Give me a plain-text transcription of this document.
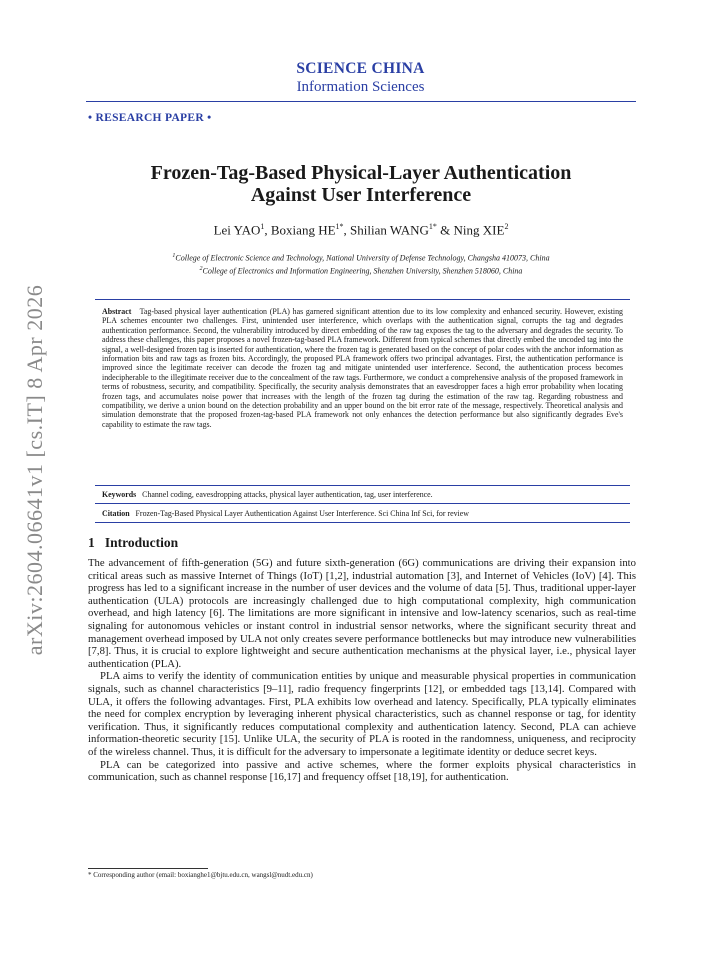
arXiv:2604.06641v1 [cs.IT] 8 Apr 2026
SCIENCE CHINA
Information Sciences
• RESEARCH PAPER •
Frozen-Tag-Based Physical-Layer Authentication
Against User Interference
Lei YAO$^1$, Boxiang $HE^{1*}$, Shilian $WANG^{1*}$ & Ning XIE$^2$
$^1$College of Electronic Science and Technology, National University of Defense Technology, Changsha 410073, China
$^2$College of Electronics and Information Engineering, Shenzhen University, Shenzhen 518060, China
Abstract Tag-based physical layer authentication (PLA) has garnered significant attention due to its low complexity and enhanced security. However, existing PLA schemes encounter two challenges. First, unintended user interference, which overlaps with the authentication signal, corrupts the tag and degrades authentication performance. Second, the vulnerability introduced by direct embedding of the raw tag exposes the tag to the adversary and degrades the security. To address these challenges, this paper proposes a novel frozen-tag-based PLA framework. Different from typical schemes that directly embed the uncoded tag into the signal, a well-designed frozen tag is inserted for authentication, where the frozen tag is generated based on the concept of polar codes with the anchor information as information bits and raw tags as frozen bits. Accordingly, the proposed PLA framework offers two principal advantages. First, the authentication performance is improved since the legitimate receiver can decode the frozen tag and mitigate unintended user interference. Second, the authentication process becomes indecipherable to the illegitimate receiver due to the concealment of the raw tags. Furthermore, we conduct a comprehensive analysis of the proposed framework in terms of robustness, security, and compatibility. Specifically, the security analysis demonstrates that an eavesdropper faces a high error probability when locating frozen tags, and accumulates noise power that increases with the length of the frozen tag during the estimation of the raw tag. Regarding robustness and compatibility, we derive a union bound on the detection probability and an upper bound on the bit error rate of the message, respectively. Theoretical analysis and simulation demonstrate that the proposed frozen-tag-based PLA framework not only enhances the detection performance but also significantly degrades Eve's capability to estimate the raw tags.
Keywords Channel coding, eavesdropping attacks, physical layer authentication, tag, user interference.
Citation Frozen-Tag-Based Physical Layer Authentication Against User Interference. Sci China Inf Sci, for review
1 Introduction

The advancement of fifth-generation (5G) and future sixth-generation (6G) communications are driving their expansion into critical areas such as massive Internet of Things (IoT) [1,2], industrial automation [3], and Internet of Vehicles (IoV) [4]. This progress has led to a significant increase in the number of user devices and the volume of data [5]. Thus, traditional upper-layer authentication (ULA) protocols are increasingly challenged due to high computational complexity, high communication overhead, and high latency [6]. The limitations are more significant in intensive and low-latency scenarios, such as real-time signaling for autonomous vehicles or instant control in industrial sensor networks, where the significant security threat and management overhead imposed by ULA not only creates severe performance bottlenecks but may introduce new vulnerabilities [7,8]. Thus, it is crucial to explore lightweight and secure authentication mechanisms at the physical layer, i.e., physical layer authentication (PLA).

PLA aims to verify the identity of communication entities by unique and measurable physical properties in communication signals, such as channel characteristics [9–11], radio frequency fingerprints [12], or embedded tags [13,14]. Compared with ULA, it offers the following advantages. First, PLA exhibits low overhead and latency. Specifically, PLA typically eliminates the need for complex encryption by leveraging inherent physical characteristics, such as channel response or tag, for identity verification. Thus, it significantly reduces computational complexity and authentication latency. Second, PLA can achieve information-theoretic security [15]. Unlike ULA, the security of PLA is rooted in the randomness, uniqueness, and reciprocity of the wireless channel. Thus, it is difficult for the adversary to impersonate a legitimate identity or deduce secret keys.

PLA can be categorized into passive and active schemes, where the former exploits physical characteristics in communication, such as channel response [16,17] and frequency offset [18,19], for authentication.

* Corresponding author (email: boxianghe1@bjtu.edu.cn, wangsl@nudt.edu.cn)
